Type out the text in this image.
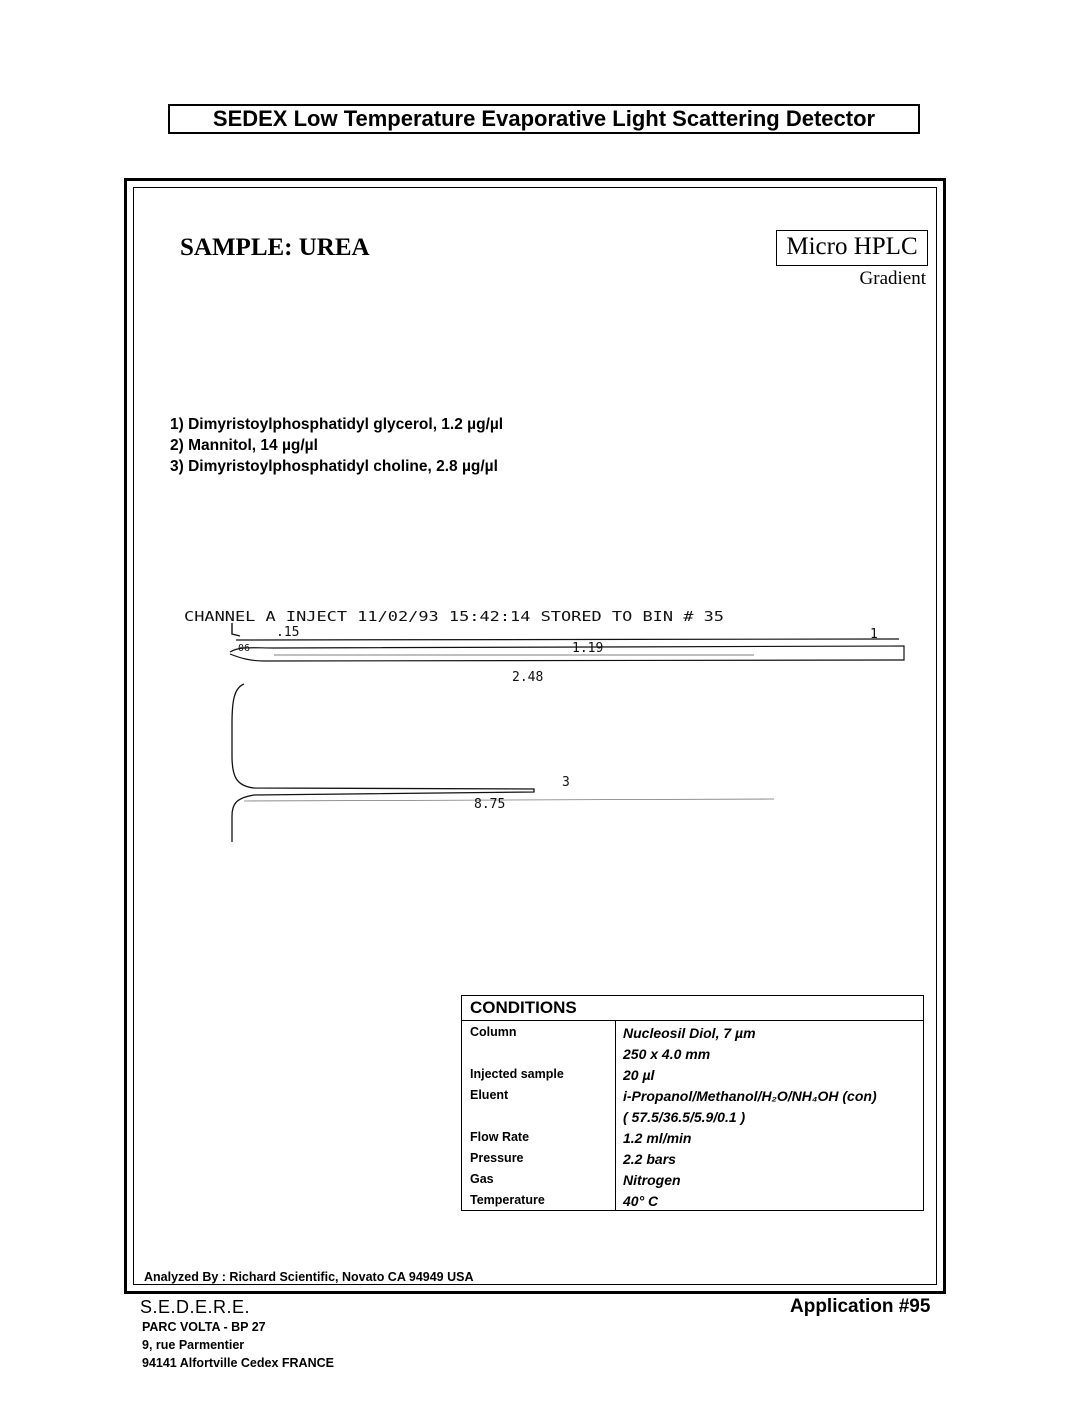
SEDEX Low Temperature Evaporative Light Scattering Detector
SAMPLE: UREA	Micro HPLC
Gradient
1) Dimyristoylphosphatidyl glycerol, 1.2 µg/µl
2) Mannitol, 14 µg/µl
3) Dimyristoylphosphatidyl choline, 2.8 µg/µl
CHANNEL A INJECT 11/02/93 15:42:14 STORED TO BIN # 35
06
.15	1
1.19
2.48
3
8.75
CONDITIONS
Column	Nucleosil Diol, 7 µm
250 x 4.0 mm
Injected sample	20 µl
Eluent	i-Propanol/Methanol/H₂O/NH₄OH (con)
( 57.5/36.5/5.9/0.1 )
Flow Rate	1.2 ml/min
Pressure	2.2 bars
Gas	Nitrogen
Temperature	40° C
Analyzed By : Richard Scientific, Novato CA 94949 USA
S.E.D.E.R.E.
PARC VOLTA - BP 27
9, rue Parmentier
94141 Alfortville Cedex FRANCE
Application #95
